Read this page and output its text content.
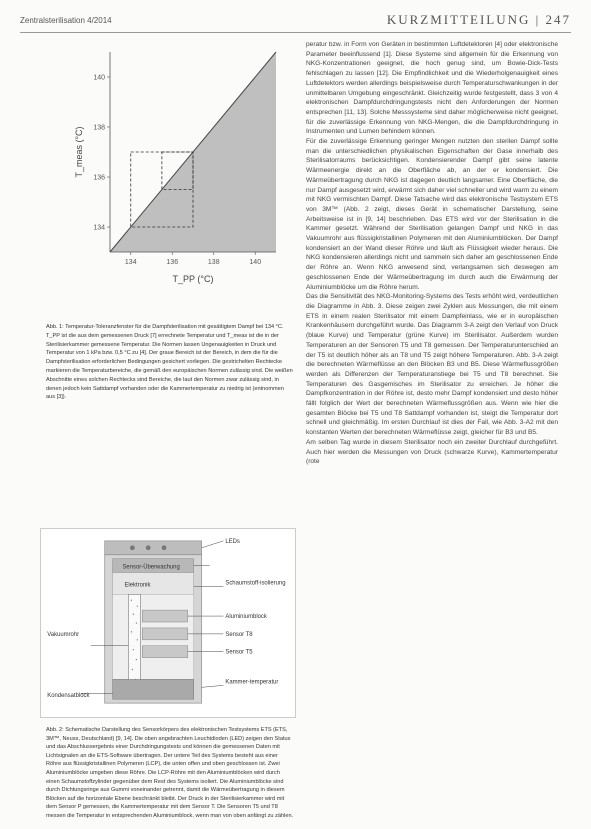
Zentralsterilisation 4/2014	KURZMITTEILUNG | 247
134	136	138	140
134
136
138
140
T_PP (°C)
T_meas (°C)
Abb. 1: Temperatur-Toleranzfenster für die Dampfsterilisation mit gesättigtem Dampf bei 134 °C. T_PP ist die aus dem gemessenen Druck [7] errechnete Temperatur und T_meas ist die in der Sterilisierkammer gemessene Temperatur. Die Normen lassen Ungenauigkeiten in Druck und Temperatur von 1 kPa bzw. 0,5 °C zu [4]. Der graue Bereich ist der Bereich, in dem die für die Dampfsterilisation erforderlichen Bedingungen gesichert vorliegen. Die gestrichelten Rechtecke markieren die Temperaturbereiche, die gemäß den europäischen Normen zulässig sind. Die weißen Abschnitte eines solchen Rechtecks sind Bereiche, die laut den Normen zwar zulässig sind, in denen jedoch kein Sattdampf vorhanden oder die Kammertemperatur zu niedrig ist (entnommen aus [3]).
LEDs
Sensor-Überwachung
Elektronik	Schaumstoff-isolierung
Aluminiumblock
Sensor T8
Sensor T5
Kammer-temperatur
Vakuumrohr
Kondensatblock
Abb. 2: Schematische Darstellung des Sensorkörpers des elektronischen Testsystems ETS (ETS, 3M™, Neuss, Deutschland) [9, 14]. Die oben angebrachten Leuchtdioden (LED) zeigen den Status und das Abschlussergebnis einer Durchdringungstests und können die gemessenen Daten mit Lichtsignalen an die ETS-Software übertragen. Der untere Teil des Systems besteht aus einer Röhre aus flüssigkristallinen Polymeren (LCP), die unten offen und oben geschlossen ist. Zwei Aluminiumblöcke umgeben diese Röhre. Die LCP-Röhre mit den Aluminiumblöcken wird durch einen Schaumstoffzylinder gegenüber dem Rest des Systems isoliert. Die Aluminiumblöcke sind durch Dichtungsringe aus Gummi voneinander getrennt, damit die Wärmeübertragung in diesem Blöcken auf die horizontale Ebene beschränkt bleibt. Der Druck in der Sterilisierkammer wird mit dem Sensor P gemessen, die Kammertemperatur mit dem Sensor T. Die Sensoren T5 und T8 messen die Temperatur in entsprechenden Aluminiumblock, wenn man von oben anfängt zu zählen.

peratur bzw. in Form von Geräten in bestimmten Luftdetektoren [4] oder elektronische Parameter beeinflussend [1]. Diese Systeme sind allgemein für die Erkennung von NKG-Konzentrationen geeignet, die hoch genug sind, um Bowie-Dick-Tests fehlschlagen zu lassen [12]. Die Empfindlichkeit und die Wiederholgenauigkeit eines Luftdetektors werden allerdings beispielsweise durch Temperaturschwankungen in der unmittelbaren Umgebung eingeschränkt. Gleichzeitig wurde festgestellt, dass 3 von 4 elektronischen Dampfdurchdringungstests nicht den Anforderungen der Normen entsprechen [11, 13]. Solche Messsysteme sind daher möglicherweise nicht geeignet, für die zuverlässige Erkennung von NKG-Mengen, die die Dampfdurchdringung in Instrumenten und Lumen behindern können.

Für die zuverlässige Erkennung geringer Mengen nutzten den sterilen Dampf sollte man die unterschiedlichen physikalischen Eigenschaften der Gase innerhalb des Sterilisatorraums berücksichtigen. Kondensierender Dampf gibt seine latente Wärmeenergie direkt an die Oberfläche ab, an der er kondensiert. Die Wärmeübertragung durch NKG ist dagegen deutlich langsamer. Eine Oberfläche, die nur Dampf ausgesetzt wird, erwärmt sich daher viel schneller und wird warm zu einem mit NKG vermischten Dampf. Diese Tatsache wird das elektronische Testsystem ETS von 3M™ (Abb. 2 zeigt, dieses Gerät in schematischer Darstellung, seine Arbeitsweise ist in [9, 14] beschrieben. Das ETS wird vor der Sterilisation in die Kammer gesetzt. Während der Sterilisation gelangen Dampf und NKG in das Vakuumrohr aus flüssigkristallinen Polymeren mit den Aluminiumblöcken. Der Dampf kondensiert an der Wand dieser Röhre und läuft als Flüssigkeit wieder heraus. Die NKG kondensieren allerdings nicht und sammeln sich daher am geschlossenen Ende der Röhre an. Wenn NKG anwesend sind, verlangsamen sich deswegen am geschlossenen Ende der Wärmeübertragung im durch auch die Erwärmung der Aluminiumblöcke um die Röhre herum.

Das die Sensitivität des NKG-Monitoring-Systems des Tests erhöht wird, verdeutlichen die Diagramme in Abb. 3. Diese zeigen zwei Zyklen aus Messungen, die mit einem ETS in einem realen Sterilisator mit einem Dampfeinlass, wie er in europäischen Krankenhäusern durchgeführt wurde. Das Diagramm 3-A zeigt den Verlauf von Druck (blaue Kurve) und Temperatur (grüne Kurve) im Sterilisator. Außerdem wurden Temperaturen an der Sensoren T5 und T8 gemessen. Der Temperaturunterschied an der T5 ist deutlich höher als an T8 und T5 zeigt höhere Temperaturen. Abb. 3-A zeigt die berechneten Wärmeflüsse an den Blöcken B3 und B5. Diese Wärmeflussgrößen werden als Differenzen der Temperaturanstiege bei T5 und T8 berechnet. Sie Temperaturen des Gasgemisches im Sterilisator zu erreichen. Je höher die Dampfkonzentration in der Röhre ist, desto mehr Dampf kondensiert und desto höher fällt folglich der Wert der berechneten Wärmeflussgrößen aus. Wenn wie hier die gesamten Blöcke bei T5 und T8 Sattdampf vorhanden ist, steigt die Temperatur dort schnell und gleichmäßig. Im ersten Durchlauf ist dies der Fall, wie Abb. 3-A2 mit den konstanten Werten der berechneten Wärmeflüsse zeigt, gleicher für B3 und B5.

Am selben Tag wurde in diesem Sterilisator noch ein zweiter Durchlauf durchgeführt. Auch hier werden die Messungen von Druck (schwarze Kurve), Kammertemperatur (rote
